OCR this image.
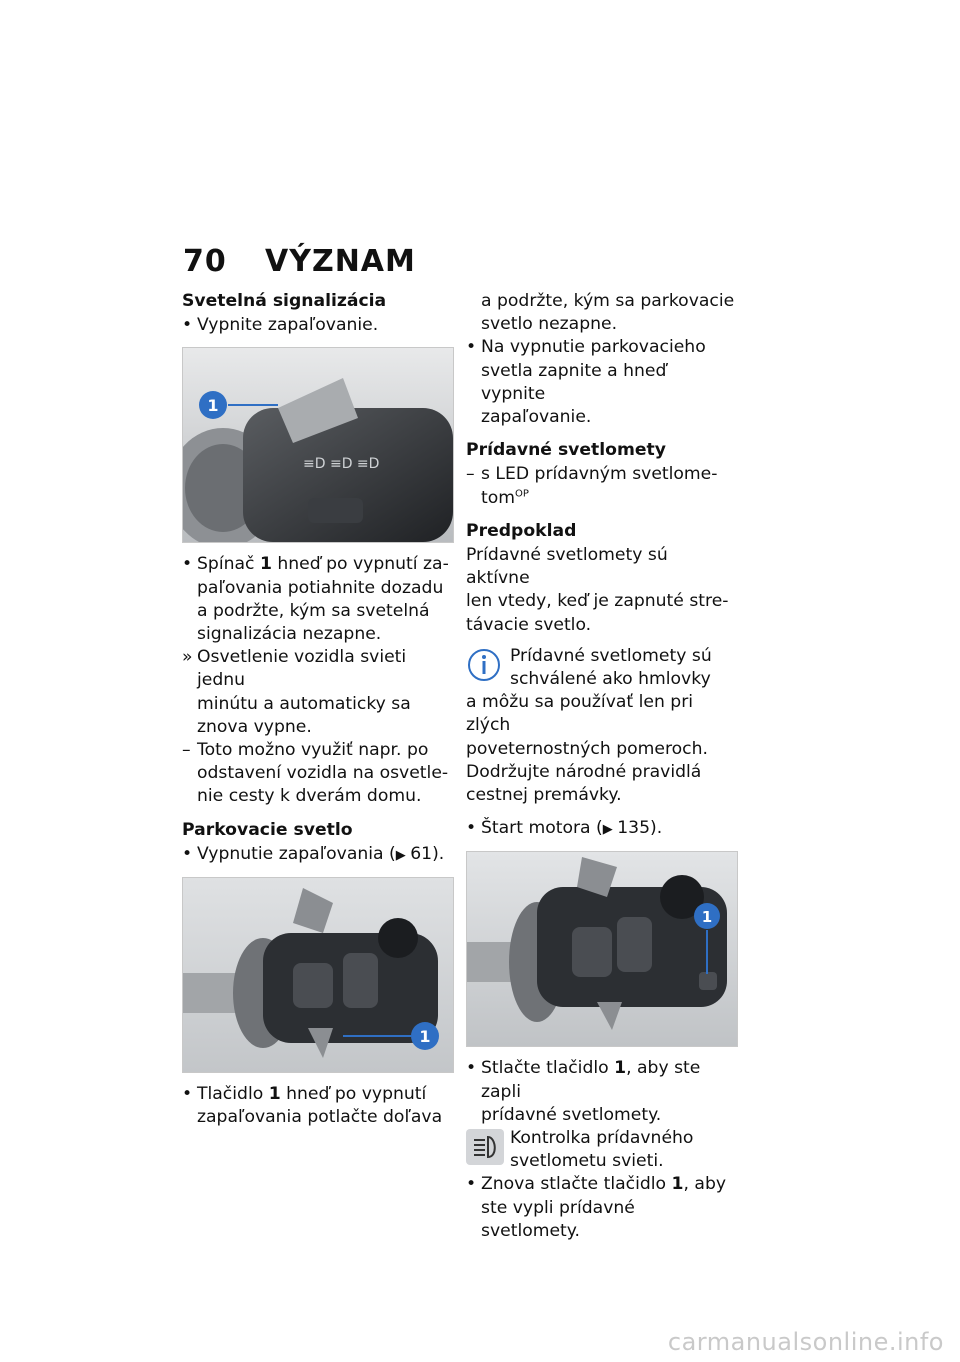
70 VÝZNAM

Svetelná signalizácia

• Vypnite zapaľovanie.

≡D ≡D ≡D
1
• Spínač 1 hneď po vypnutí za-
paľovania potiahnite dozadu
a podržte, kým sa svetelná
signalizácia nezapne.
» Osvetlenie vozidla svieti jednu
minútu a automaticky sa
znova vypne.
– Toto možno využiť napr. po
odstavení vozidla na osvetle-
nie cesty k dverám domu.

Parkovacie svetlo

• Vypnutie zapaľovania (▶ 61).

1
• Tlačidlo 1 hneď po vypnutí
zapaľovania potlačte doľava
a podržte, kým sa parkovacie
svetlo nezapne.
• Na vypnutie parkovacieho
svetla zapnite a hneď vypnite
zapaľovanie.

Prídavné svetlomety

– s LED prídavným svetlome-
tom$^{OP}$

Predpoklad

Prídavné svetlomety sú aktívne
len vtedy, keď je zapnuté stre-
távacie svetlo.
Prídavné svetlomety sú
schválené ako hmlovky
a môžu sa používať len pri zlých
poveternostných pomeroch.
Dodržujte národné pravidlá
cestnej premávky.

• Štart motora (▶ 135).

1
• Stlačte tlačidlo 1, aby ste zapli
prídavné svetlomety.
Kontrolka prídavného
svetlometu svieti.
• Znova stlačte tlačidlo 1, aby
ste vypli prídavné svetlomety.
carmanualsonline.info
